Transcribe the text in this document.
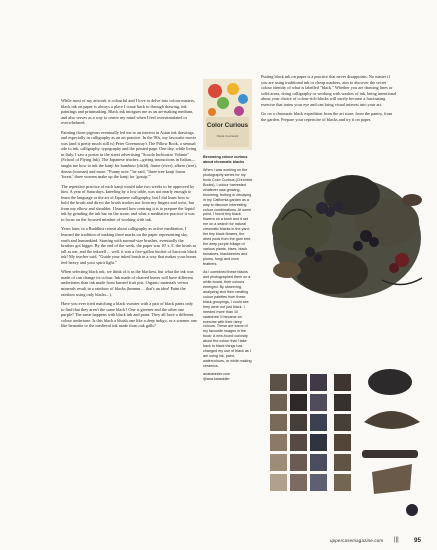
While most of my artwork is colourful and I love to delve into colour matters, black ink on paper is always a place I come back to through drawing, ink paintings and printmaking. Black ink intrigues me as an art-making medium, and also serves as a way to centre my mind when I feel overstimulated or overwhelmed.

Painting those pigeons eventually led me to an interest in Asian ink drawings, and especially in calligraphy as an art practice. In the '80s, my favourite movie was (and it pretty much still is) Peter Greenaway's The Pillow Book, a sensual ode to ink, calligraphy, typography and the printed page. One day, while living in Italy, I saw a poster in the street advertising "Scuola Inchiostro Volante" (School of Flying Ink). The Japanese teacher—giving instructions in Italian—taught me how to ink the kanji for bambino (child), fiume (river), albero (tree), donna (woman) and more. "Funny note," he said, "three tree kanji forms 'forest,' three women make up the kanji for 'gossip.'"

The repetitive practice of each kanji would take two weeks to be approved by him. A year of Saturdays, kneeling by a low table, was not nearly enough to learn the language or the art of Japanese calligraphy, but I did learn how to hold the brush and direct the brush strokes not from my fingers and wrist, but from my elbow and shoulder. I learned how centring it is to prepare the liquid ink by grinding the ink bar on the stone, and what a meditative practice it was to focus on the focused mindset of working with ink.

Years later, in a Buddhist retreat about calligraphy as active meditation, I learned the tradition of making three marks on the paper representing sky, earth and humankind. Starting with normal-size brushes, eventually the brushes got bigger. By the end of the week, the paper was 10' x 4', the brush as tall as me, and the inkwell ... well, it was a five-gallon bucket of luscious black ink! My teacher said, "Guide your inked brush in a way that makes your bones feel heavy and your spirit light."

When selecting black ink, we think of it as the blackest, but what the ink was made of can change its colour. Ink made of charred bones will have different undertones than ink made from burned fruit pits. Organic materials versus minerals result in a rainbow of blacks (hmmm ... that's an idea! Paint the rainbow using only blacks...).

Have you ever tried matching a black sweater with a pair of black pants only to find that they aren't the same black? One is greener and the other one purple? The same happens with black ink and paint: They all have a different colour undertone. Is this black a bluish one like a deep indigo, or a warmer one like hematite or the medieval ink made from oak galls?

Color Curious
Paula Ceccarelli
Becoming colour curious about chromatic blacks

When I was working on the photography series for my book Color Curious (Chronicle Books), I colour harvested whatever was growing, blooming, fruiting or decaying in my California garden as a way to discover interesting colour combinations. At some point, I found tiny black flowers on a bush and it set me on a search for natural chromatic blacks in the yard: the tiny black flowers, the dried pods from the gum tree, the deep purple foliage of various plants, irises, black tomatoes, blackberries and plums, fungi and crow feathers.

As I combined these blacks and photographed them on a white board, their colours emerged. By observing, analyzing and then creating colour palettes from these black groupings, I could see they were not just black. I needed more than 10 swatches! It became an exercise with their deep colours. These are some of my favourite images in the book: A new-found curiosity about the colour that I take back to black things has changed my use of black as I am using ink, paint, watercolours, or while making ceramics.

anakarasler.com
@ana.karaskiler

Putting black ink on paper is a practice that never disappoints. No matter if you are using traditional ink or cheap markers, aim to discover the secret colour identity of what is labelled "black." Whether you are drawing lines or solid areas, doing calligraphy or working with washes of ink, being intentional about your choice of colour-rich blacks will surely become a fascinating exercise that trains your eye and can bring visual interest into your art.

Go on a chromatic black expedition from the art store, from the pantry, from the garden. Prepare your repertoire of blacks and try it on paper.

uppercasemagazine.com ||| 95
